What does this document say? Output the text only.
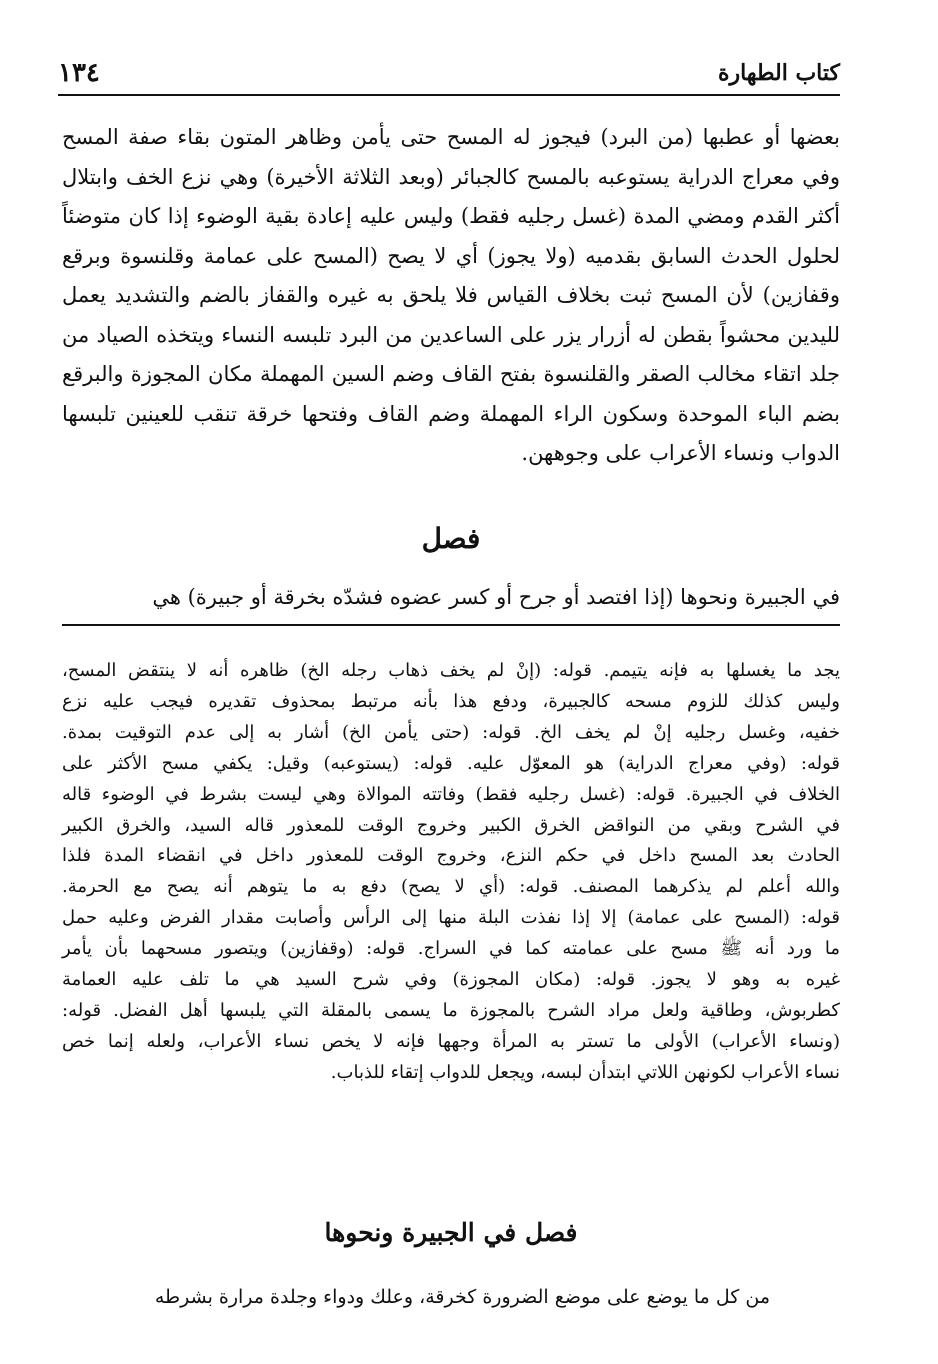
كتاب الطهارة
١٣٤

بعضها أو عطبها (من البرد) فيجوز له المسح حتى يأمن وظاهر المتون بقاء صفة المسح
وفي معراج الدراية يستوعبه بالمسح كالجبائر (وبعد الثلاثة الأخيرة) وهي نزع الخف وابتلال
أكثر القدم ومضي المدة (غسل رجليه فقط) وليس عليه إعادة بقية الوضوء إذا كان متوضئاً
لحلول الحدث السابق بقدميه (ولا يجوز) أي لا يصح (المسح على عمامة وقلنسوة وبرقع
وقفازين) لأن المسح ثبت بخلاف القياس فلا يلحق به غيره والقفاز بالضم والتشديد يعمل
لليدين محشواً بقطن له أزرار يزر على الساعدين من البرد تلبسه النساء ويتخذه الصياد من
جلد اتقاء مخالب الصقر والقلنسوة بفتح القاف وضم السين المهملة مكان المجوزة والبرقع
بضم الباء الموحدة وسكون الراء المهملة وضم القاف وفتحها خرقة تنقب للعينين تلبسها
الدواب ونساء الأعراب على وجوههن.

فصل
في الجبيرة ونحوها (إذا افتصد أو جرح أو كسر عضوه فشدّه بخرقة أو جبيرة) هي
يجد ما يغسلها به فإنه يتيمم. قوله: (إنْ لم يخف ذهاب رجله الخ) ظاهره أنه لا ينتقض المسح،
وليس كذلك للزوم مسحه كالجبيرة، ودفع هذا بأنه مرتبط بمحذوف تقديره فيجب عليه نزع
خفيه، وغسل رجليه إنْ لم يخف الخ. قوله: (حتى يأمن الخ) أشار به إلى عدم التوقيت بمدة.
قوله: (وفي معراج الدراية) هو المعوّل عليه. قوله: (يستوعبه) وقيل: يكفي مسح الأكثر على
الخلاف في الجبيرة. قوله: (غسل رجليه فقط) وفاتته الموالاة وهي ليست بشرط في الوضوء قاله
في الشرح وبقي من النواقض الخرق الكبير وخروج الوقت للمعذور قاله السيد، والخرق الكبير
الحادث بعد المسح داخل في حكم النزع، وخروج الوقت للمعذور داخل في انقضاء المدة فلذا
والله أعلم لم يذكرهما المصنف. قوله: (أي لا يصح) دفع به ما يتوهم أنه يصح مع الحرمة.
قوله: (المسح على عمامة) إلا إذا نفذت البلة منها إلى الرأس وأصابت مقدار الفرض وعليه حمل
ما ورد أنه ﷺ مسح على عمامته كما في السراج. قوله: (وقفازين) ويتصور مسحهما بأن يأمر
غيره به وهو لا يجوز. قوله: (مكان المجوزة) وفي شرح السيد هي ما تلف عليه العمامة
كطربوش، وطاقية ولعل مراد الشرح بالمجوزة ما يسمى بالمقلة التي يلبسها أهل الفضل. قوله:
(ونساء الأعراب) الأولى ما تستر به المرأة وجهها فإنه لا يخص نساء الأعراب، ولعله إنما خص
نساء الأعراب لكونهن اللاتي ابتدأن لبسه، ويجعل للدواب إتقاء للذباب.
فصل في الجبيرة ونحوها
من كل ما يوضع على موضع الضرورة كخرقة، وعلك ودواء وجلدة مرارة بشرطه
